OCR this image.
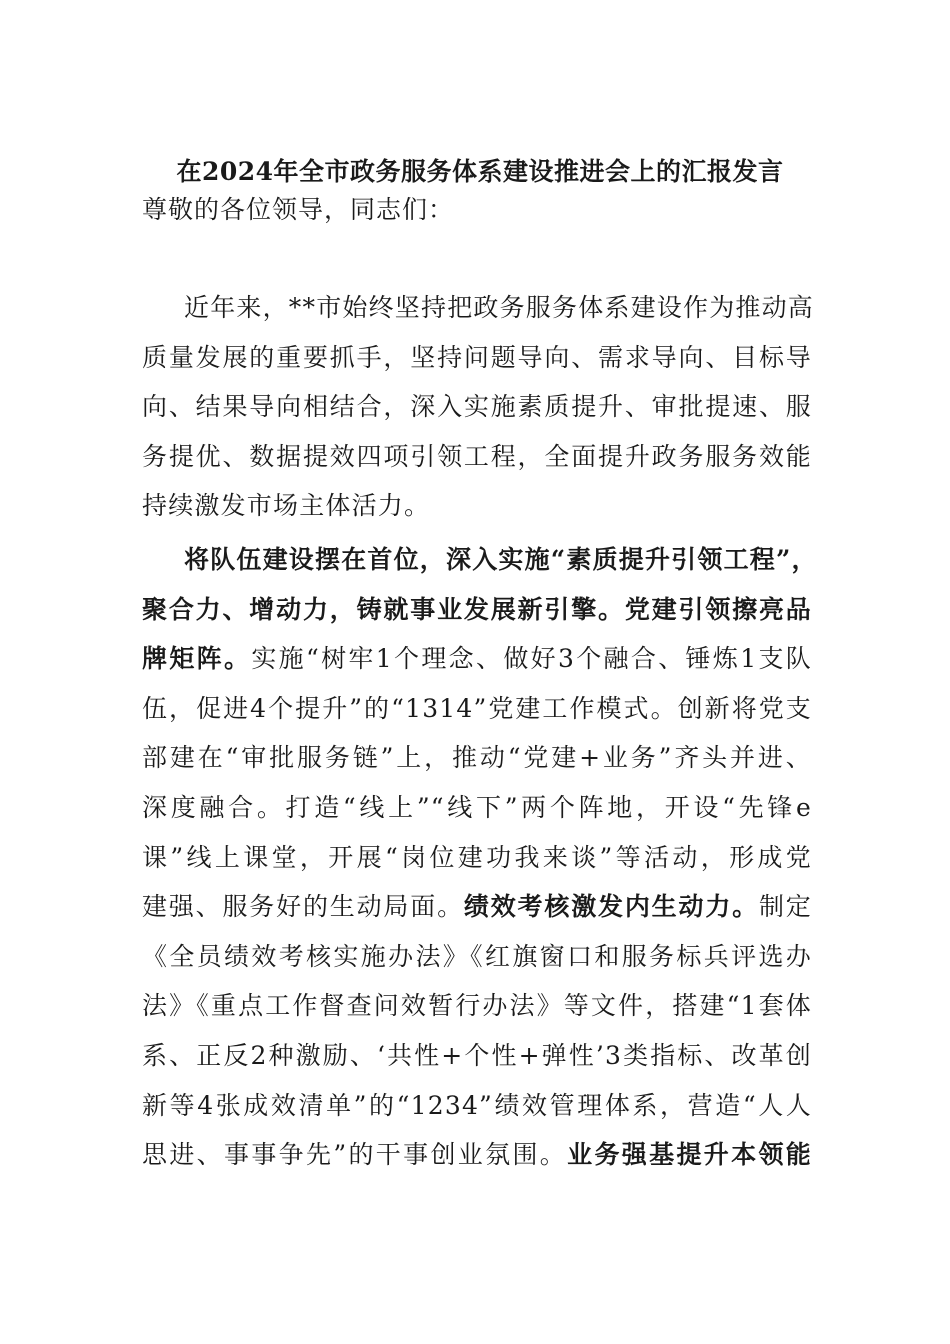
在2024年全市政务服务体系建设推进会上的汇报发言
尊敬的各位领导，同志们：
近年来，**市始终坚持把政务服务体系建设作为推动高
质量发展的重要抓手，坚持问题导向、需求导向、目标导
向、结果导向相结合，深入实施素质提升、审批提速、服
务提优、数据提效四项引领工程，全面提升政务服务效能
持续激发市场主体活力。
将队伍建设摆在首位，深入实施“素质提升引领工程”，
聚合力、增动力，铸就事业发展新引擎。党建引领擦亮品
牌矩阵。实施“树牢1个理念、做好3个融合、锤炼1支队
伍，促进4个提升”的“1314”党建工作模式。创新将党支
部建在“审批服务链”上，推动“党建+业务”齐头并进、
深度融合。打造“线上”“线下”两个阵地，开设“先锋e
课”线上课堂，开展“岗位建功我来谈”等活动，形成党
建强、服务好的生动局面。绩效考核激发内生动力。制定
《全员绩效考核实施办法》《红旗窗口和服务标兵评选办
法》《重点工作督查问效暂行办法》等文件，搭建“1套体
系、正反2种激励、‘共性+个性+弹性’3类指标、改革创
新等4张成效清单”的“1234”绩效管理体系，营造“人人
思进、事事争先”的干事创业氛围。业务强基提升本领能
